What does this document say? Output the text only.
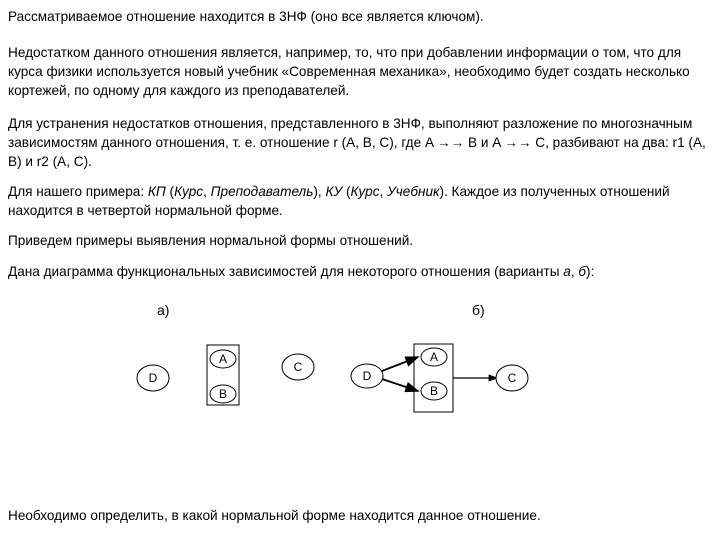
Рассматриваемое отношение находится в 3НФ (оно все является ключом).

Недостатком данного отношения является, например, то, что при добавлении информации о том, что для курса физики используется новый учебник «Современная механика», необходимо будет создать несколько кортежей, по одному для каждого из преподавателей.

Для устранения недостатков отношения, представленного в 3НФ, выполняют разложение по многозначным зависимостям данного отношения, т. е. отношение r (A, B, C), где A →→ B и A →→ C, разбивают на два: r1 (A, B) и r2 (A, C).

Для нашего примера: КП (Курс, Преподаватель), КУ (Курс, Учебник). Каждое из полученных отношений находится в четвертой нормальной форме.

Приведем примеры выявления нормальной формы отношений.

Дана диаграмма функциональных зависимостей для некоторого отношения (варианты а, б):

а)
D
A
B
C
б)
D
A
B
C

Необходимо определить, в какой нормальной форме находится данное отношение.
